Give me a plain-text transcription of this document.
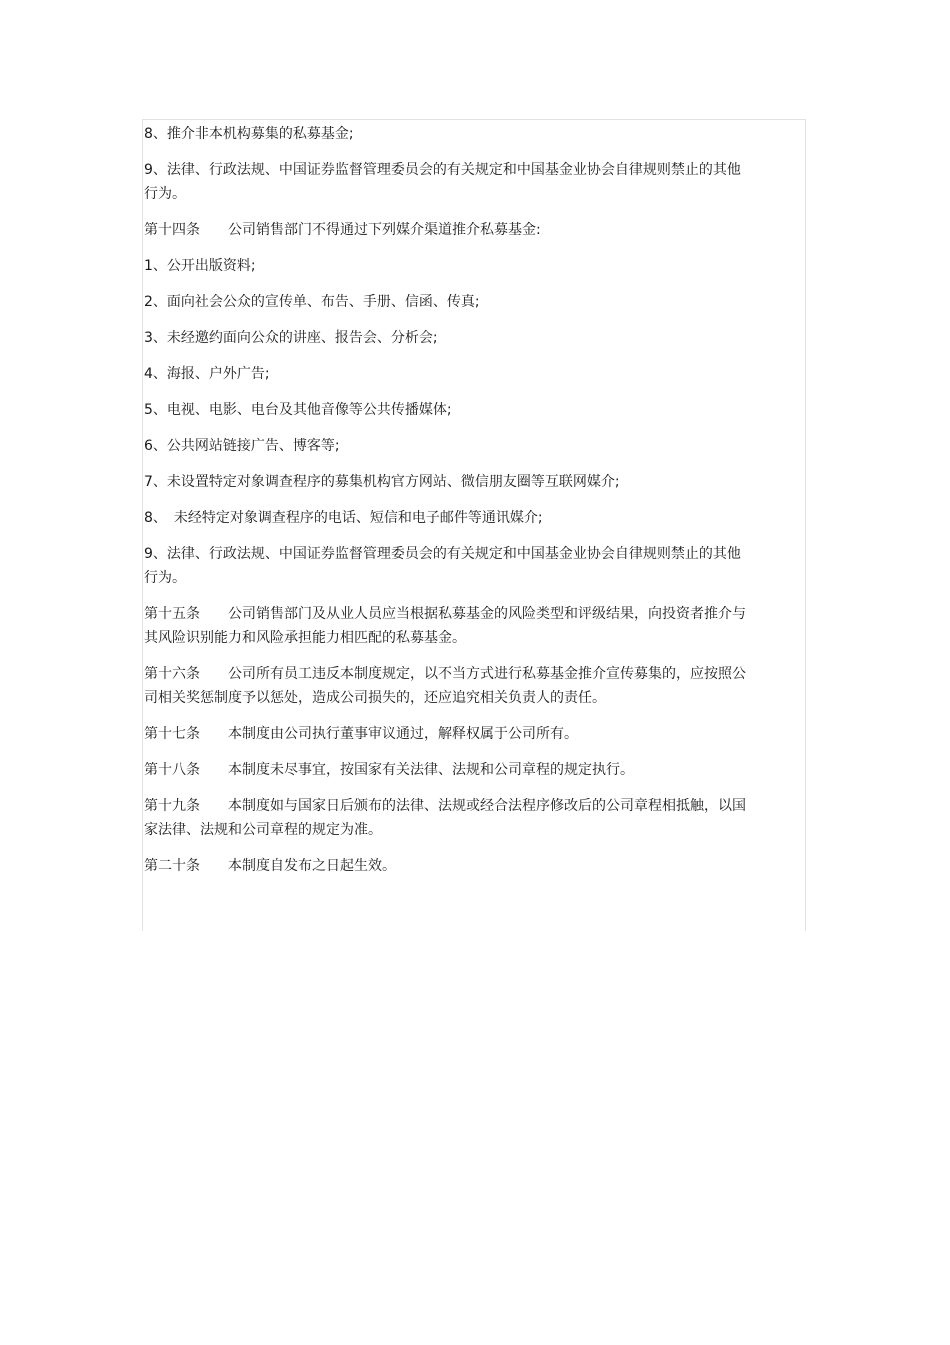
8、推介非本机构募集的私募基金;

9、法律、行政法规、中国证券监督管理委员会的有关规定和中国基金业协会自律规则禁止的其他行为。

第十四条　　公司销售部门不得通过下列媒介渠道推介私募基金:

1、公开出版资料;

2、面向社会公众的宣传单、布告、手册、信函、传真;

3、未经邀约面向公众的讲座、报告会、分析会;

4、海报、户外广告;

5、电视、电影、电台及其他音像等公共传播媒体;

6、公共网站链接广告、博客等;

7、未设置特定对象调查程序的募集机构官方网站、微信朋友圈等互联网媒介;

8、　未经特定对象调查程序的电话、短信和电子邮件等通讯媒介;

9、法律、行政法规、中国证券监督管理委员会的有关规定和中国基金业协会自律规则禁止的其他行为。

第十五条　　公司销售部门及从业人员应当根据私募基金的风险类型和评级结果，向投资者推介与其风险识别能力和风险承担能力相匹配的私募基金。

第十六条　　公司所有员工违反本制度规定，以不当方式进行私募基金推介宣传募集的，应按照公司相关奖惩制度予以惩处，造成公司损失的，还应追究相关负责人的责任。

第十七条　　本制度由公司执行董事审议通过，解释权属于公司所有。

第十八条　　本制度未尽事宜，按国家有关法律、法规和公司章程的规定执行。

第十九条　　本制度如与国家日后颁布的法律、法规或经合法程序修改后的公司章程相抵触，以国家法律、法规和公司章程的规定为准。

第二十条　　本制度自发布之日起生效。
